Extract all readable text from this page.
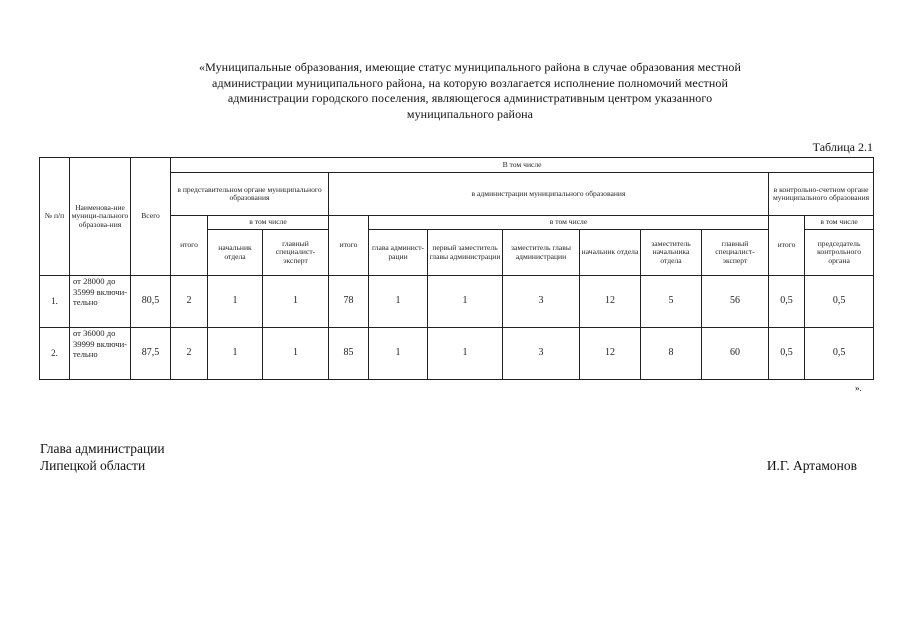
«Муниципальные образования, имеющие статус муниципального района в случае образования местной
администрации муниципального района, на которую возлагается исполнение полномочий местной
администрации городского поселения, являющегося административным центром указанного
муниципального района
Таблица 2.1
№ п/п	Наименова-ние муници-пального образова-ния	Всего	В том числе											
			в представительном органе муниципального образования			в администрации муниципального образования							в контрольно-счетном органе муниципального образования	
			итого	в том числе		итого	в том числе						итого	в том числе
				начальник отдела	главный специалист-эксперт		глава админист-рации	первый заместитель главы администрации	заместитель главы администрации	начальник отдела	заместитель начальника отдела	главный специалист-эксперт		председатель контрольного органа
1.	от 28000 до 35999 включи-тельно	80,5	2	1	1	78	1	1	3	12	5	56	0,5	0,5
2.	от 36000 до 39999 включи-тельно	87,5	2	1	1	85	1	1	3	12	8	60	0,5	0,5
».
Глава администрации
Липецкой области	И.Г. Артамонов
